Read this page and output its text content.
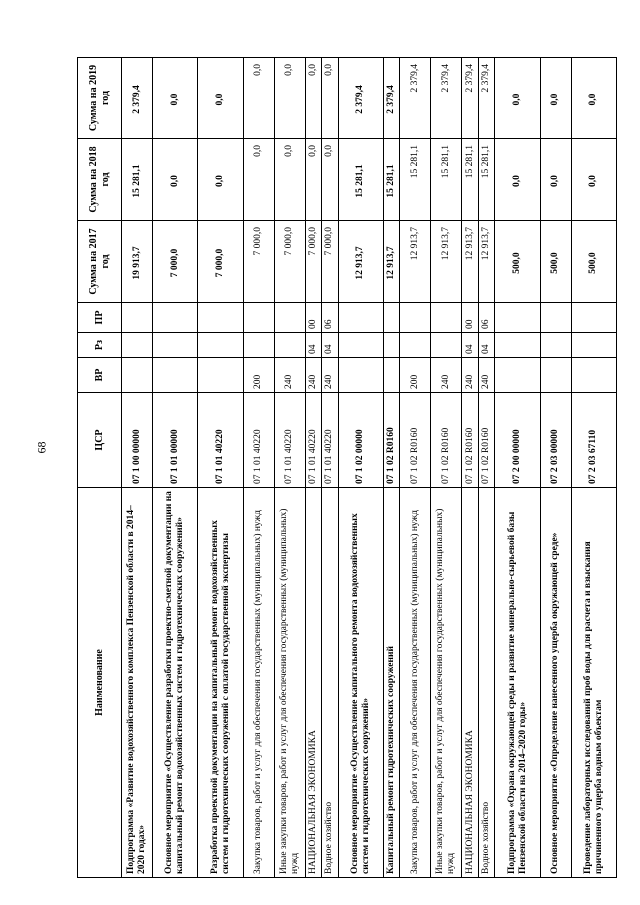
68
Наименование	ЦСР	ВР	Рз	ПР	Сумма на 2017 год	Сумма на 2018 год	Сумма на 2019 год
Подпрограмма «Развитие водохозяйственного комплекса Пензенской области в 2014–2020 годах»	07 1 00 00000				19 913,7	15 281,1	2 379,4
Основное мероприятие «Осуществление разработки проектно-сметной документации на капитальный ремонт водохозяйственных систем и гидротехнических сооружений»	07 1 01 00000				7 000,0	0,0	0,0
Разработка проектной документации на капитальный ремонт водохозяйственных систем и гидротехнических сооружений с оплатой государственной экспертизы	07 1 01 40220				7 000,0	0,0	0,0
Закупка товаров, работ и услуг для обеспечения государственных (муниципальных) нужд	07 1 01 40220	200			7 000,0	0,0	0,0
Иные закупки товаров, работ и услуг для обеспечения государственных (муниципальных) нужд	07 1 01 40220	240			7 000,0	0,0	0,0
НАЦИОНАЛЬНАЯ ЭКОНОМИКА	07 1 01 40220	240	04	00	7 000,0	0,0	0,0
Водное хозяйство	07 1 01 40220	240	04	06	7 000,0	0,0	0,0
Основное мероприятие «Осуществление капитального ремонта водохозяйственных систем и гидротехнических сооружений»	07 1 02 00000				12 913,7	15 281,1	2 379,4
Капитальный ремонт гидротехнических сооружений	07 1 02 R0160				12 913,7	15 281,1	2 379,4
Закупка товаров, работ и услуг для обеспечения государственных (муниципальных) нужд	07 1 02 R0160	200			12 913,7	15 281,1	2 379,4
Иные закупки товаров, работ и услуг для обеспечения государственных (муниципальных) нужд	07 1 02 R0160	240			12 913,7	15 281,1	2 379,4
НАЦИОНАЛЬНАЯ ЭКОНОМИКА	07 1 02 R0160	240	04	00	12 913,7	15 281,1	2 379,4
Водное хозяйство	07 1 02 R0160	240	04	06	12 913,7	15 281,1	2 379,4
Подпрограмма «Охрана окружающей среды и развитие минерально-сырьевой базы Пензенской области на 2014–2020 годы»	07 2 00 00000				500,0	0,0	0,0
Основное мероприятие «Определение нанесенного ущерба окружающей среде»	07 2 03 00000				500,0	0,0	0,0
Проведение лабораторных исследований проб воды для расчета и взыскания причиненного ущерба водным объектам	07 2 03 67110				500,0	0,0	0,0
